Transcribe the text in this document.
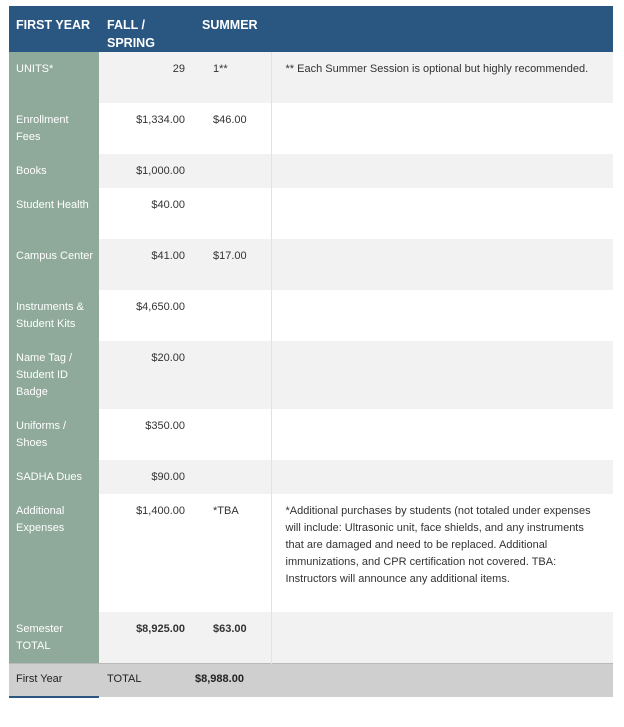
FIRST YEAR	FALL / SPRING	SUMMER	
UNITS*	29	1**	** Each Summer Session is optional but highly recommended.
Enrollment Fees	$1,334.00	$46.00	
Books	$1,000.00		
Student Health	$40.00		
Campus Center	$41.00	$17.00	
Instruments & Student Kits	$4,650.00		
Name Tag / Student ID Badge	$20.00		
Uniforms / Shoes	$350.00		
SADHA Dues	$90.00		
Additional Expenses	$1,400.00	*TBA	*Additional purchases by students (not totaled under expenses will include: Ultrasonic unit, face shields, and any instruments that are damaged and need to be replaced. Additional immunizations, and CPR certification not covered. TBA: Instructors will announce any additional items.
Semester TOTAL	$8,925.00	$63.00	
First Year	TOTAL	$8,988.00	
